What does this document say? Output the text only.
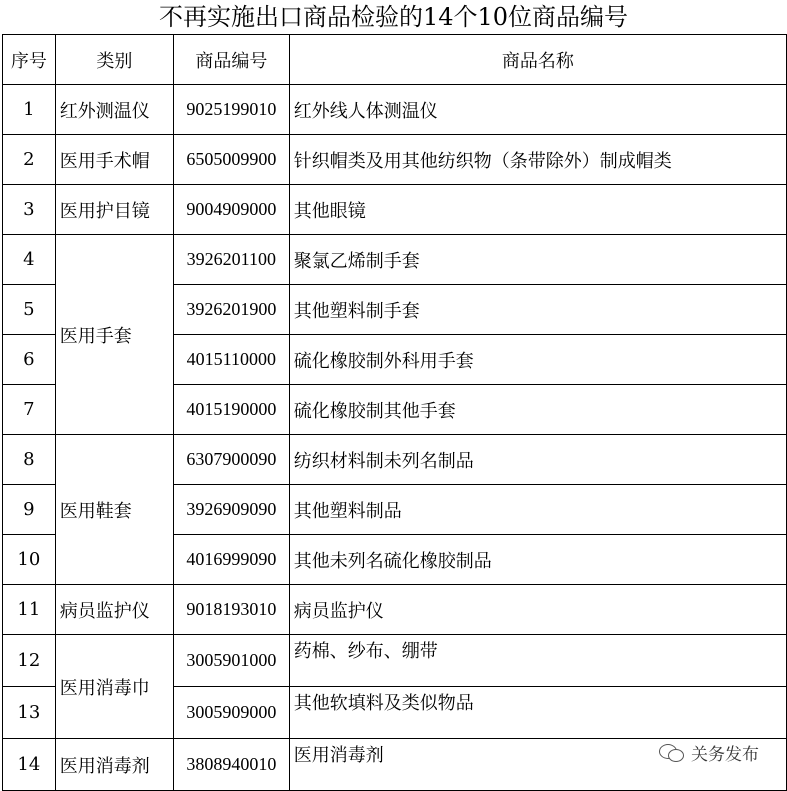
不再实施出口商品检验的14个10位商品编号
序号	类别	商品编号	商品名称
1	红外测温仪	9025199010	红外线人体测温仪
2	医用手术帽	6505009900	针织帽类及用其他纺织物（条带除外）制成帽类
3	医用护目镜	9004909000	其他眼镜
4	医用手套	3926201100	聚氯乙烯制手套
5		3926201900	其他塑料制手套
6		4015110000	硫化橡胶制外科用手套
7		4015190000	硫化橡胶制其他手套
8	医用鞋套	6307900090	纺织材料制未列名制品
9		3926909090	其他塑料制品
10		4016999090	其他未列名硫化橡胶制品
11	病员监护仪	9018193010	病员监护仪
12	医用消毒巾	3005901000	药棉、纱布、绷带
13		3005909000	其他软填料及类似物品
14	医用消毒剂	3808940010	医用消毒剂	关务发布
